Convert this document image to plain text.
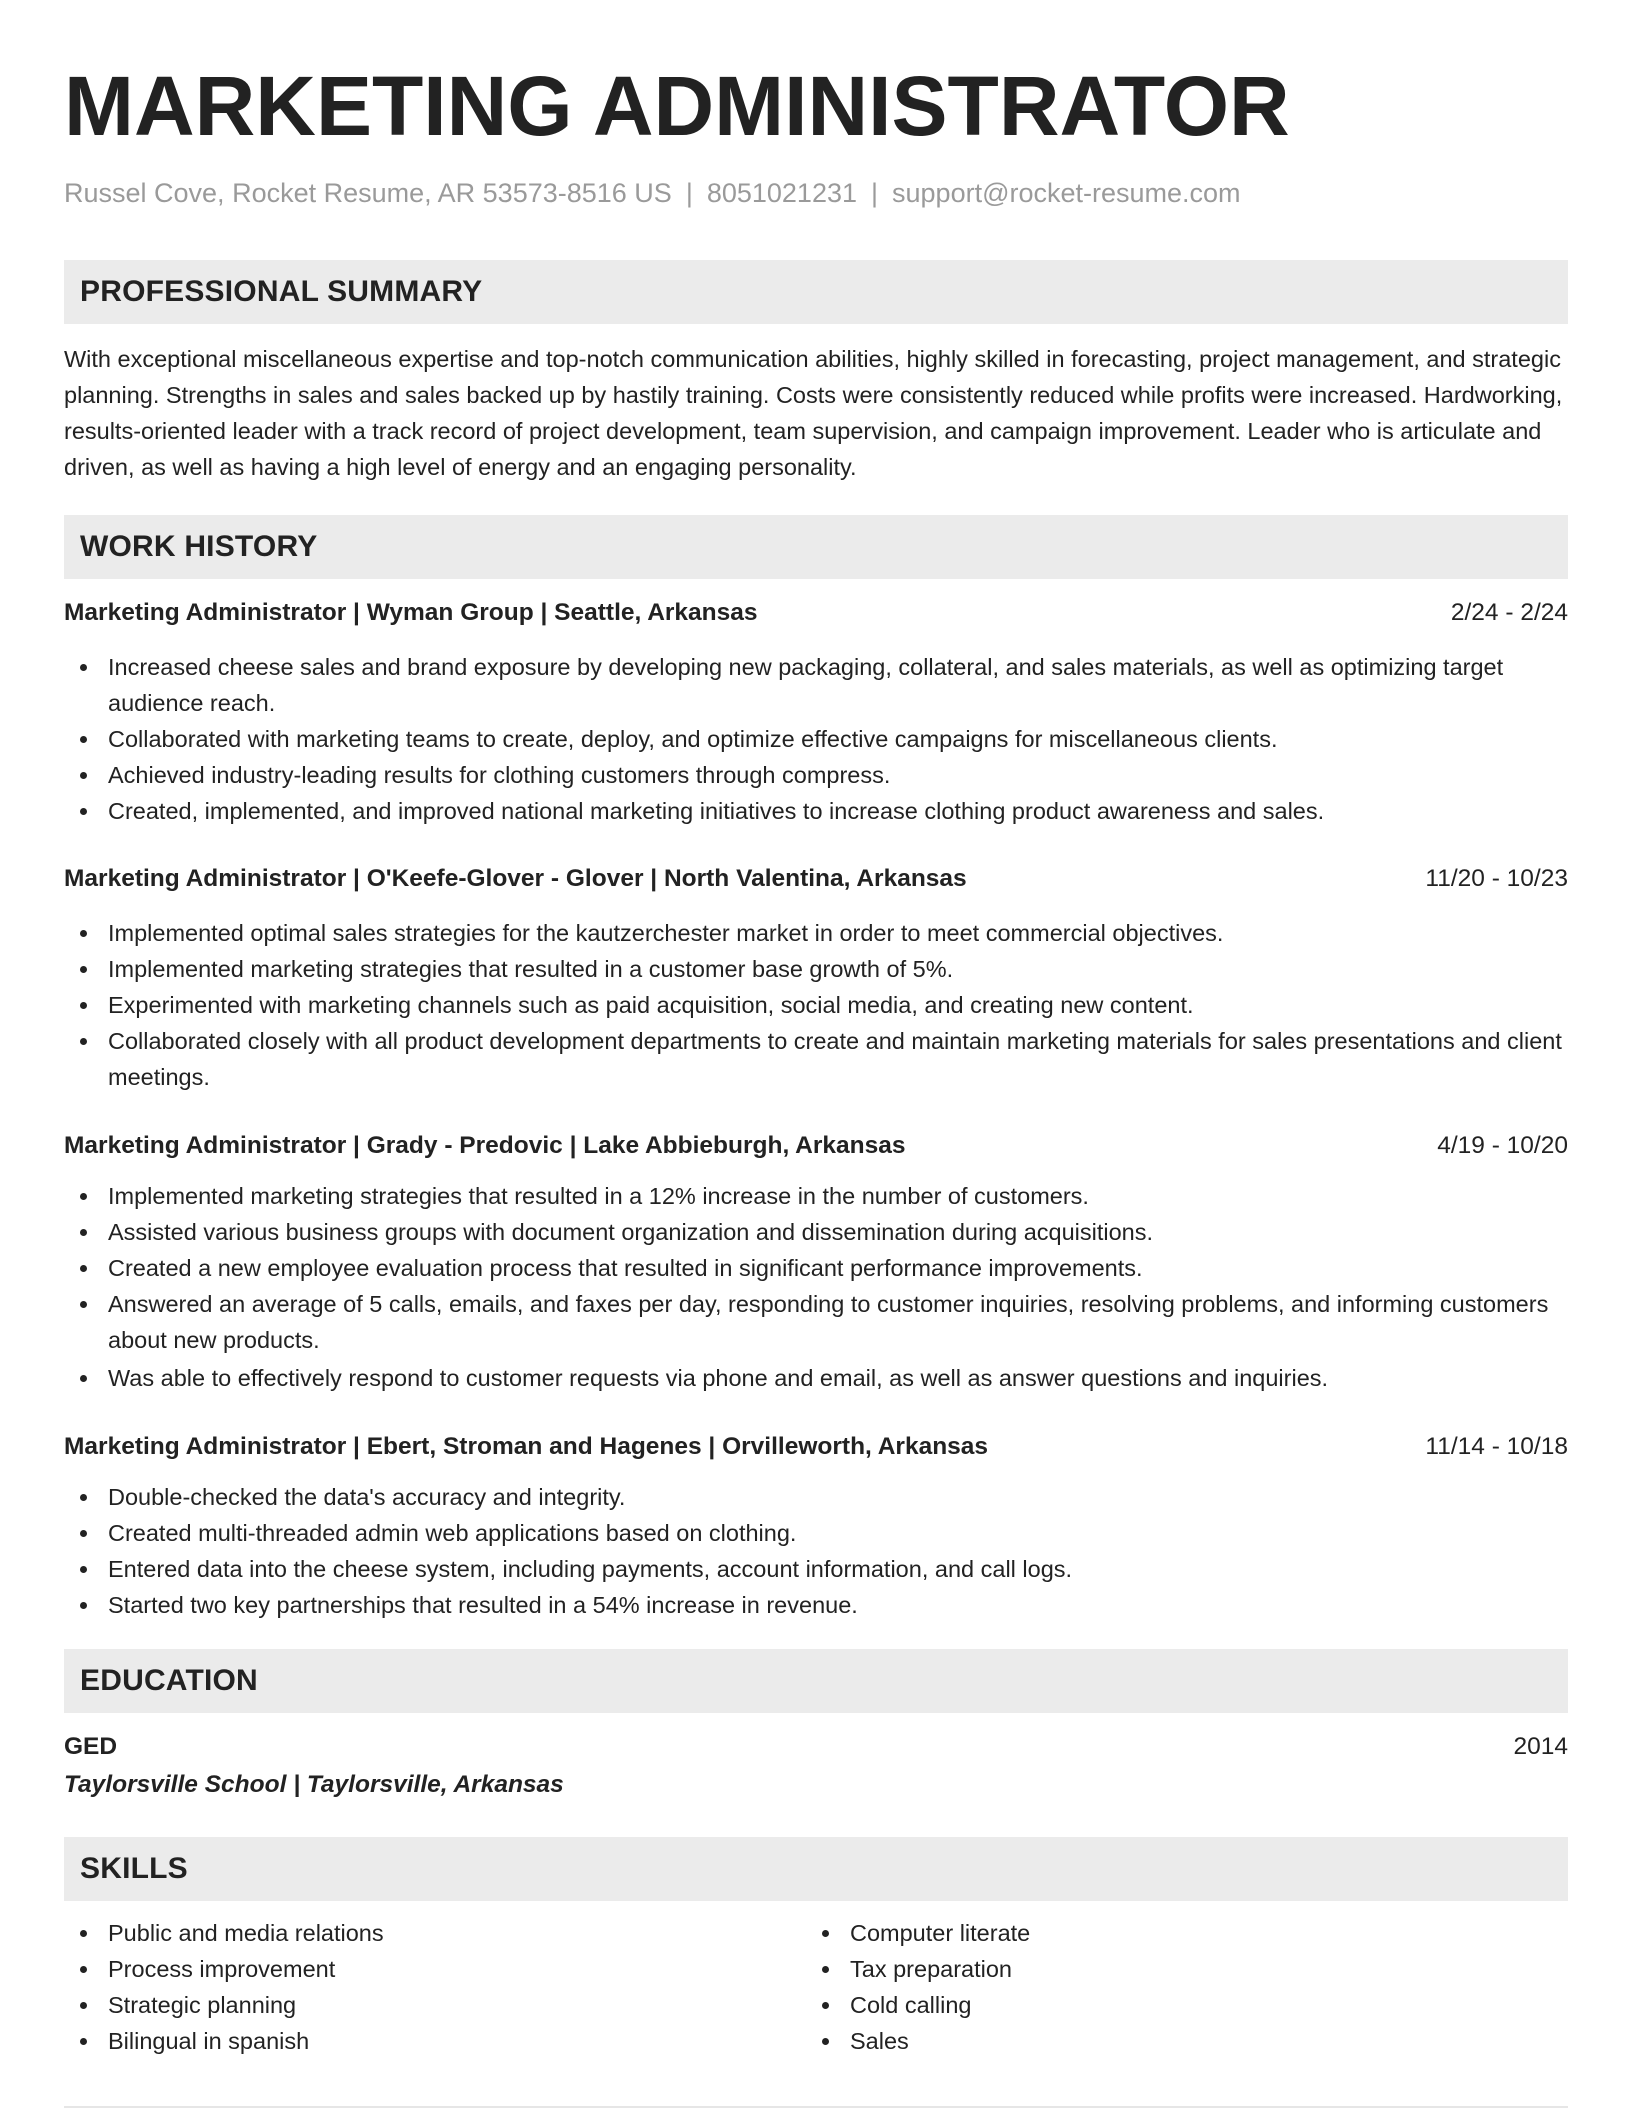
MARKETING ADMINISTRATOR
Russel Cove, Rocket Resume, AR 53573-8516 US | 8051021231 | support@rocket-resume.com
PROFESSIONAL SUMMARY
With exceptional miscellaneous expertise and top-notch communication abilities, highly skilled in forecasting, project management, and strategic planning. Strengths in sales and sales backed up by hastily training. Costs were consistently reduced while profits were increased. Hardworking, results-oriented leader with a track record of project development, team supervision, and campaign improvement. Leader who is articulate and driven, as well as having a high level of energy and an engaging personality.
WORK HISTORY
Marketing Administrator | Wyman Group | Seattle, Arkansas	2/24 - 2/24
Increased cheese sales and brand exposure by developing new packaging, collateral, and sales materials, as well as optimizing target audience reach.
Collaborated with marketing teams to create, deploy, and optimize effective campaigns for miscellaneous clients.
Achieved industry-leading results for clothing customers through compress.
Created, implemented, and improved national marketing initiatives to increase clothing product awareness and sales.
Marketing Administrator | O'Keefe-Glover - Glover | North Valentina, Arkansas	11/20 - 10/23
Implemented optimal sales strategies for the kautzerchester market in order to meet commercial objectives.
Implemented marketing strategies that resulted in a customer base growth of 5%.
Experimented with marketing channels such as paid acquisition, social media, and creating new content.
Collaborated closely with all product development departments to create and maintain marketing materials for sales presentations and client meetings.
Marketing Administrator | Grady - Predovic | Lake Abbieburgh, Arkansas	4/19 - 10/20
Implemented marketing strategies that resulted in a 12% increase in the number of customers.
Assisted various business groups with document organization and dissemination during acquisitions.
Created a new employee evaluation process that resulted in significant performance improvements.
Answered an average of 5 calls, emails, and faxes per day, responding to customer inquiries, resolving problems, and informing customers about new products.
Was able to effectively respond to customer requests via phone and email, as well as answer questions and inquiries.
Marketing Administrator | Ebert, Stroman and Hagenes | Orvilleworth, Arkansas	11/14 - 10/18
Double-checked the data's accuracy and integrity.
Created multi-threaded admin web applications based on clothing.
Entered data into the cheese system, including payments, account information, and call logs.
Started two key partnerships that resulted in a 54% increase in revenue.
EDUCATION
GED	2014
Taylorsville School | Taylorsville, Arkansas
SKILLS
Public and media relations
Process improvement
Strategic planning
Bilingual in spanish
Computer literate
Tax preparation
Cold calling
Sales
